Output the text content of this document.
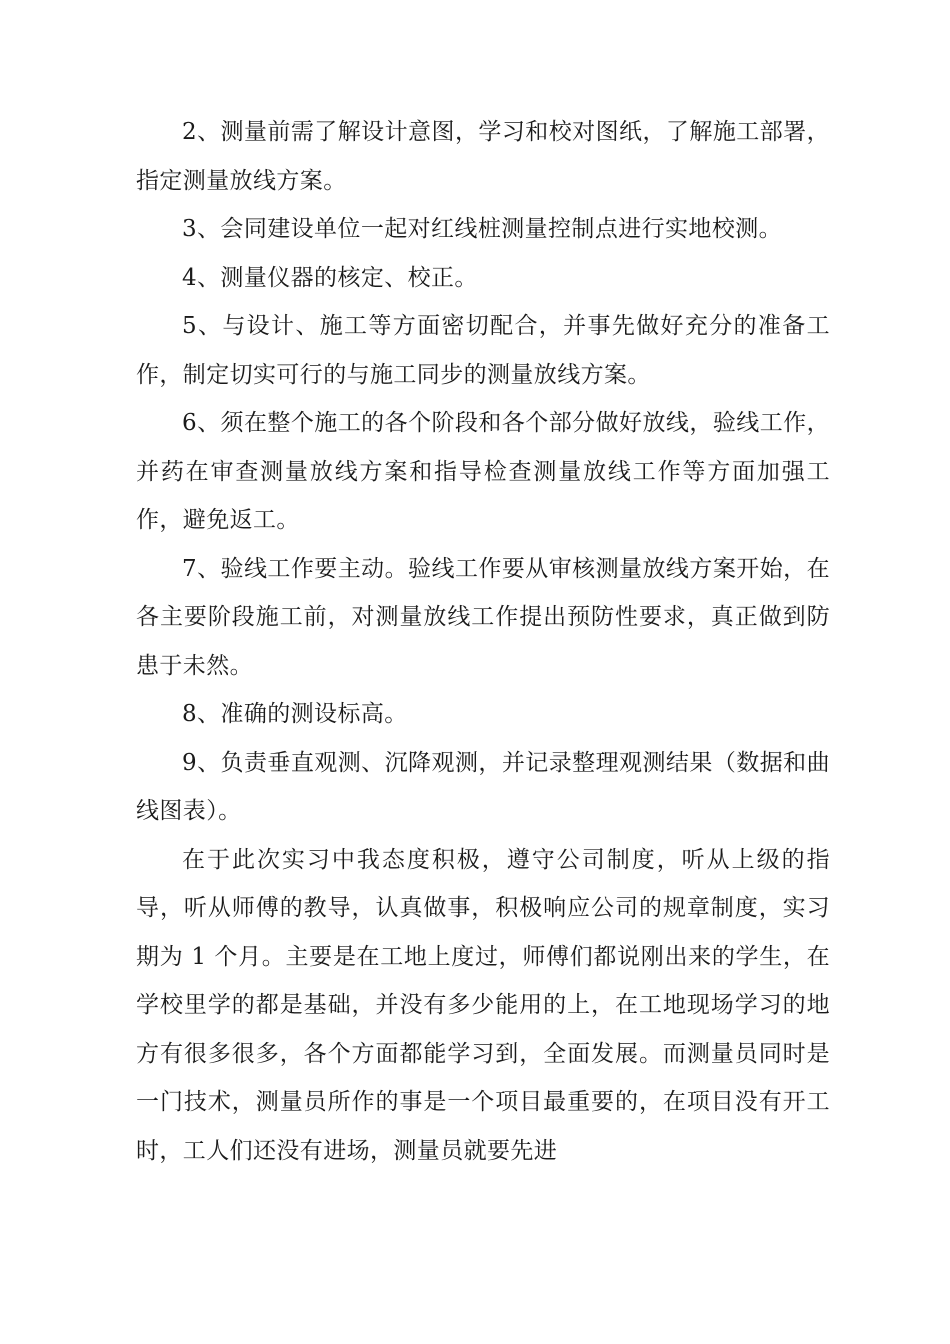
2、测量前需了解设计意图，学习和校对图纸，了解施工部署，指定测量放线方案。

3、会同建设单位一起对红线桩测量控制点进行实地校测。

4、测量仪器的核定、校正。

5、与设计、施工等方面密切配合，并事先做好充分的准备工作，制定切实可行的与施工同步的测量放线方案。

6、须在整个施工的各个阶段和各个部分做好放线，验线工作，并药在审查测量放线方案和指导检查测量放线工作等方面加强工作，避免返工。

7、验线工作要主动。验线工作要从审核测量放线方案开始，在各主要阶段施工前，对测量放线工作提出预防性要求，真正做到防患于未然。

8、准确的测设标高。

9、负责垂直观测、沉降观测，并记录整理观测结果（数据和曲线图表）。

在于此次实习中我态度积极，遵守公司制度，听从上级的指导，听从师傅的教导，认真做事，积极响应公司的规章制度，实习期为 1 个月。主要是在工地上度过，师傅们都说刚出来的学生，在学校里学的都是基础，并没有多少能用的上，在工地现场学习的地方有很多很多，各个方面都能学习到，全面发展。而测量员同时是一门技术，测量员所作的事是一个项目最重要的，在项目没有开工时，工人们还没有进场，测量员就要先进
